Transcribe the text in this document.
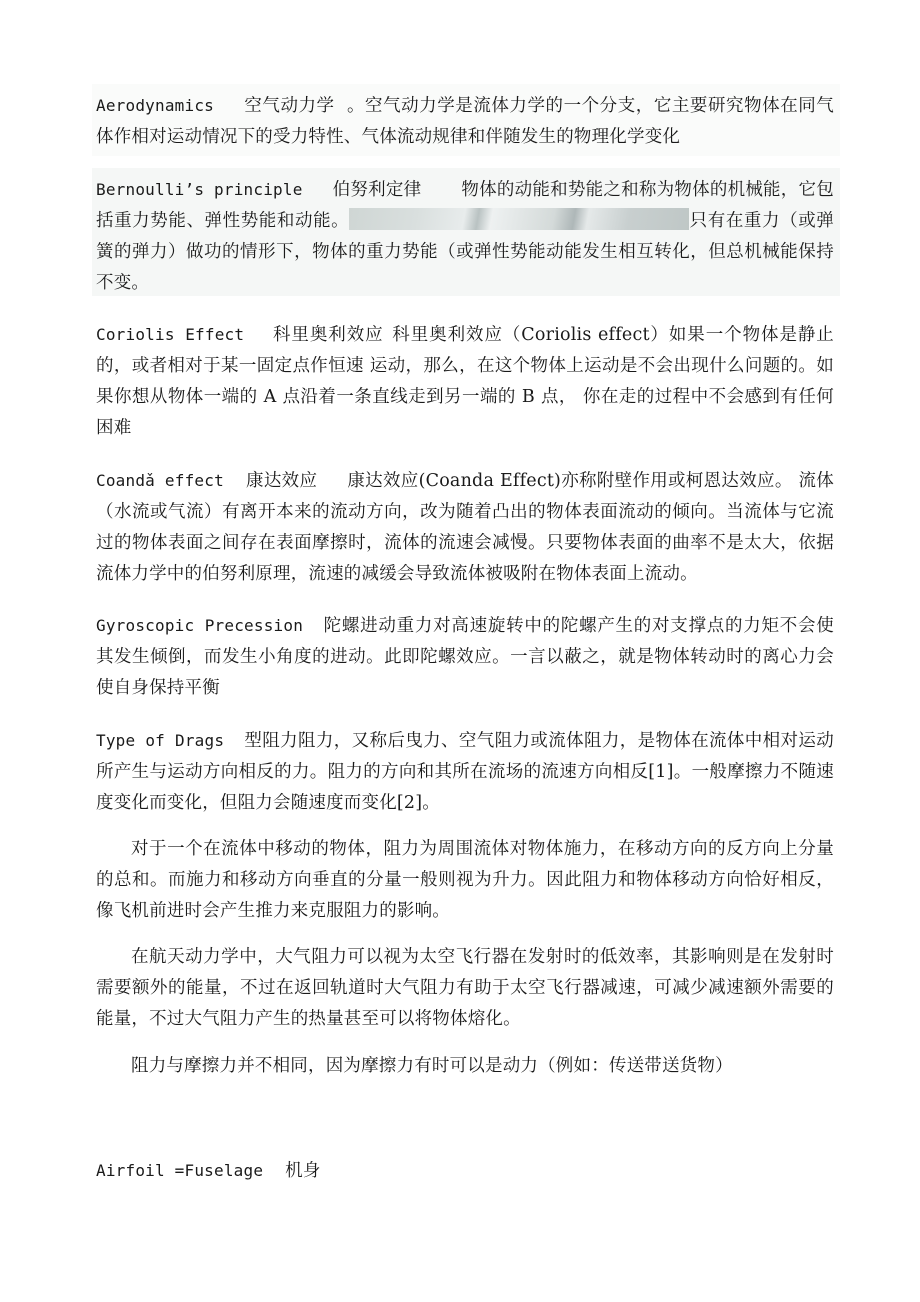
Aerodynamics 空气动力学 。空气动力学是流体力学的一个分支，它主要研究物体在同气体作相对运动情况下的受力特性、气体流动规律和伴随发生的物理化学变化
Bernoulli’s principle 伯努利定律 物体的动能和势能之和称为物体的机械能，它包括重力势能、弹性势能和动能。	只有在重力（或弹簧的弹力）做功的情形下，物体的重力势能（或弹性势能动能发生相互转化，但总机械能保持不变。
Coriolis Effect 科里奥利效应 科里奥利效应（Coriolis effect）如果一个物体是静止的，或者相对于某一固定点作恒速 运动，那么，在这个物体上运动是不会出现什么问题的。如果你想从物体一端的 A 点沿着一条直线走到另一端的 B 点， 你在走的过程中不会感到有任何困难
Coandǎ effect 康达效应 康达效应(Coanda Effect)亦称附壁作用或柯恩达效应。 流体（水流或气流）有离开本来的流动方向，改为随着凸出的物体表面流动的倾向。当流体与它流过的物体表面之间存在表面摩擦时，流体的流速会减慢。只要物体表面的曲率不是太大，依据流体力学中的伯努利原理，流速的减缓会导致流体被吸附在物体表面上流动。
Gyroscopic Precession 陀螺进动重力对高速旋转中的陀螺产生的对支撑点的力矩不会使其发生倾倒，而发生小角度的进动。此即陀螺效应。一言以蔽之，就是物体转动时的离心力会使自身保持平衡
Type of Drags 型阻力阻力，又称后曳力、空气阻力或流体阻力，是物体在流体中相对运动所产生与运动方向相反的力。阻力的方向和其所在流场的流速方向相反[1]。一般摩擦力不随速度变化而变化，但阻力会随速度而变化[2]。
对于一个在流体中移动的物体，阻力为周围流体对物体施力，在移动方向的反方向上分量的总和。而施力和移动方向垂直的分量一般则视为升力。因此阻力和物体移动方向恰好相反，像飞机前进时会产生推力来克服阻力的影响。
在航天动力学中，大气阻力可以视为太空飞行器在发射时的低效率，其影响则是在发射时需要额外的能量，不过在返回轨道时大气阻力有助于太空飞行器减速，可减少减速额外需要的能量，不过大气阻力产生的热量甚至可以将物体熔化。
阻力与摩擦力并不相同，因为摩擦力有时可以是动力（例如：传送带送货物）
Airfoil =Fuselage 机身
